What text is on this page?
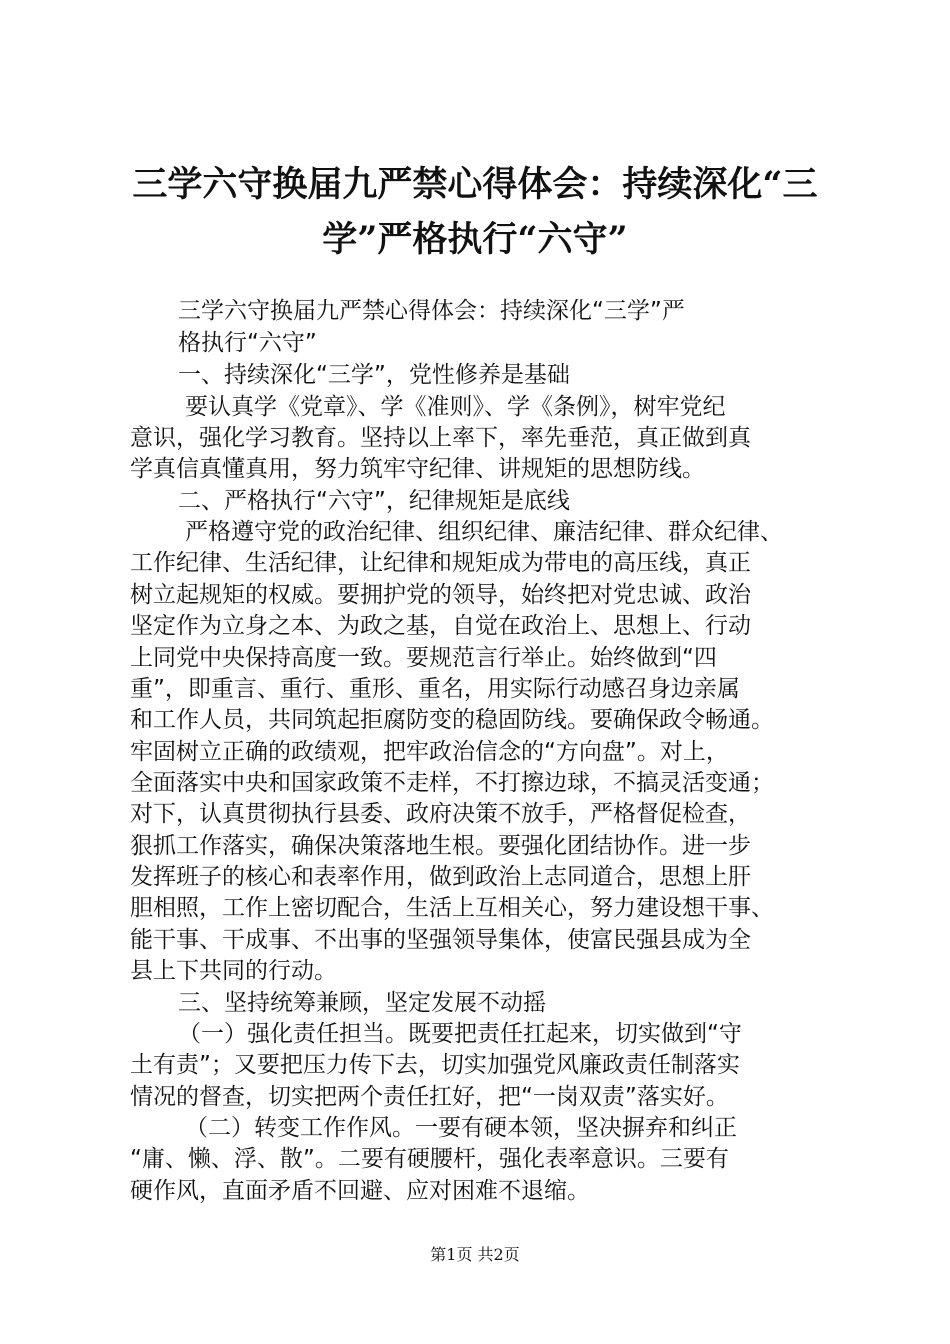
三学六守换届九严禁心得体会：持续深化“三
学”严格执行“六守”
三学六守换届九严禁心得体会：持续深化“三学”严
格执行“六守”
一、持续深化“三学”，党性修养是基础
要认真学《党章》、学《准则》、学《条例》，树牢党纪
意识，强化学习教育。坚持以上率下，率先垂范，真正做到真
学真信真懂真用，努力筑牢守纪律、讲规矩的思想防线。
二、严格执行“六守”，纪律规矩是底线
严格遵守党的政治纪律、组织纪律、廉洁纪律、群众纪律、
工作纪律、生活纪律，让纪律和规矩成为带电的高压线，真正
树立起规矩的权威。要拥护党的领导，始终把对党忠诚、政治
坚定作为立身之本、为政之基，自觉在政治上、思想上、行动
上同党中央保持高度一致。要规范言行举止。始终做到“四
重”，即重言、重行、重形、重名，用实际行动感召身边亲属
和工作人员，共同筑起拒腐防变的稳固防线。要确保政令畅通。
牢固树立正确的政绩观，把牢政治信念的“方向盘”。对上，
全面落实中央和国家政策不走样，不打擦边球，不搞灵活变通；
对下，认真贯彻执行县委、政府决策不放手，严格督促检查，
狠抓工作落实，确保决策落地生根。要强化团结协作。进一步
发挥班子的核心和表率作用，做到政治上志同道合，思想上肝
胆相照，工作上密切配合，生活上互相关心，努力建设想干事、
能干事、干成事、不出事的坚强领导集体，使富民强县成为全
县上下共同的行动。
三、坚持统筹兼顾，坚定发展不动摇
（一）强化责任担当。既要把责任扛起来，切实做到“守
土有责”；又要把压力传下去，切实加强党风廉政责任制落实
情况的督查，切实把两个责任扛好，把“一岗双责”落实好。
（二）转变工作作风。一要有硬本领，坚决摒弃和纠正
“庸、懒、浮、散”。二要有硬腰杆，强化表率意识。三要有
硬作风，直面矛盾不回避、应对困难不退缩。
第1页 共2页
